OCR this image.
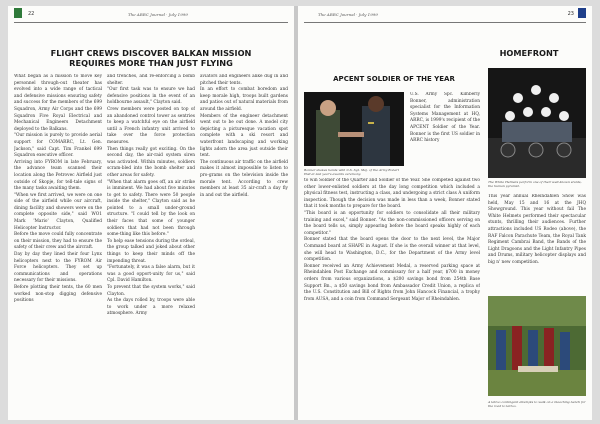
22	The ARRC Journal · July 1999
FLIGHT CREWS DISCOVER BALKAN MISSION
REQUIRES MORE THAN JUST FLYING

What began as a mission to move key personnel through-out theater has evolved into a wide range of tactical and defensive missions ensuring safety and success for the members of the 699 Squadron, Army Air Corps and the 699 Squadron Five Royal Electrical and Mechanical Engineers Detachment deployed to the Balkans.

"Our mission is purely to provide aerial support for COMARRC, Lt. Gen. Jackson," said Capt. Tim Frankel 699 Squadron executive officer.

Arriving into FYROM in late February, the advance team scanned their location along the Petrovec Airfield just outside of Skopje, for tell-tale signs of the many tasks awaiting them.

"When we first arrived, we were on one side of the airfield while our aircraft, dining facility and showers were on the complete opposite side," said WO1 Mark 'Mario' Clayton, Qualified Helicopter Instructor.

Before the move could fully concentrate on their mission, they had to ensure the safety of their crew and the aircraft.

Day by day they lined their four Lynx helicopters next to the FYROM Air Force helicopters. They set up communications and operations necessary for their missions.

Before plotting their tents, the 60 men worked non-stop digging defensive positions

and trenches, and re-enforcing a bomb shelter.

"Our first task was to ensure we had defensive positions in the event of an holdbourne assault," Clayton said.

Crew members were posted on top of an abandoned control tower as sentries to keep a watchful eye on the airfield until a French infantry unit arrived to take over the force protection measures.

Then things really got exciting. On the second day, the air-raid system siren was activated. Within minutes, soldiers scram-bled into the bomb shelter and other areas for safety.

"When that alarm goes off, an air strike is imminent. We had about five minutes to get to safety. There were 50 people inside the shelter," Clayton said as he pointed to a small under-ground structure. "I could tell by the look on their faces that some of younger soldiers that had not been through some-thing like this before."

To help ease tensions during the ordeal, the group talked and joked about other things to keep their minds off the impending threat.

"Fortunately, it was a false alarm, but it was a good opport-unity for us," said Cpl. David Hamilton.

To prevent that the system works," said Clayton.

As the days rolled by, troops were able to work under a more relaxed atmosphere. Army

aviators and engineers alike dug in and pitched their tents.

In an effort to combat boredom and keep morale high, troops built gardens and patios out of natural materials from around the airfield.

Members of the engineer detachment went out to be out done. A model city depicting a picturesque vacation spot complete with a ski resort and waterfront landscaping and working lights adorn the area just outside their tent.

The continuous air traffic on the airfield makes it almost impossible to listen to pro-grams on the television inside the morale tent. According to crew members at least 35 air-craft a day fly in and out the airfield.

The ARRC Journal · July 1999	23
HOMEFRONT
APCENT SOLDIER OF THE YEAR
Bonner shakes hands with U.S. Sgt. Maj. of the Army Robert Hall at last year's awards ceremony.

U.S. Army Spc. Kimberly Bonner, administration specialist for the Information Systems Management at HQ, ARRC, is 1999's recipient of the APCENT Soldier of the Year. Bonner is the first US soldier in ARRC history

to win Soldier of the Quarter and Soldier of the Year. She competed against two other lower-enlisted soldiers at the day long competition which included a physical fitness test, instructing a class, and undergoing a strict class A uniform inspection. Though the decision was made in less than a week, Bonner stated that it took months to prepare for the board.

"This board is an opportunity for soldiers to consolidate all their military training and excel," said Bonner. "As the non-commissioned officers serving on the board tells us, simply appearing before the board speaks highly of each competitor."

Bonner stated that the board opens the door to the next level, the Major Command board at SHAPE in August. If she is the overall winner at that level, she will head to Washington, D.C., for the Department of the Army level competition.

Bonner received an Army Achievement Medal, a reserved parking space at Rheindahlen Post Exchange and commissary for a half year, $700 in money orders from various organizations, a $200 savings bond from 254th Base Support Bn., a $50 savings bond from Ambassador Credit Union, a replica of the U.S. Constitution and Bill of Rights from John Hancock Financial, a trophy from AUSA, and a coin from Command Sergeant Major of Rheindahlen.

The White Helmets perform one of their well-known stunts, the human pyramid.

This year annual Rheindahlen Show was held, May 15 and 16 at the JHQ Showground. This year without fail The White Helmets performed their spectacular stunts, thrilling their audiences. Further attractions included US Rodeo (above), the RAF Falcon Parachute Team, the Royal Tank Regiment Cambrai Band, the Bands of the Light Dragoons and the Light Infantry Pipes and Drums, military helicopter displays and big n' new competition.

A tattoo contingent attempts to walk on a bleaching bench for the road to tattoo.
